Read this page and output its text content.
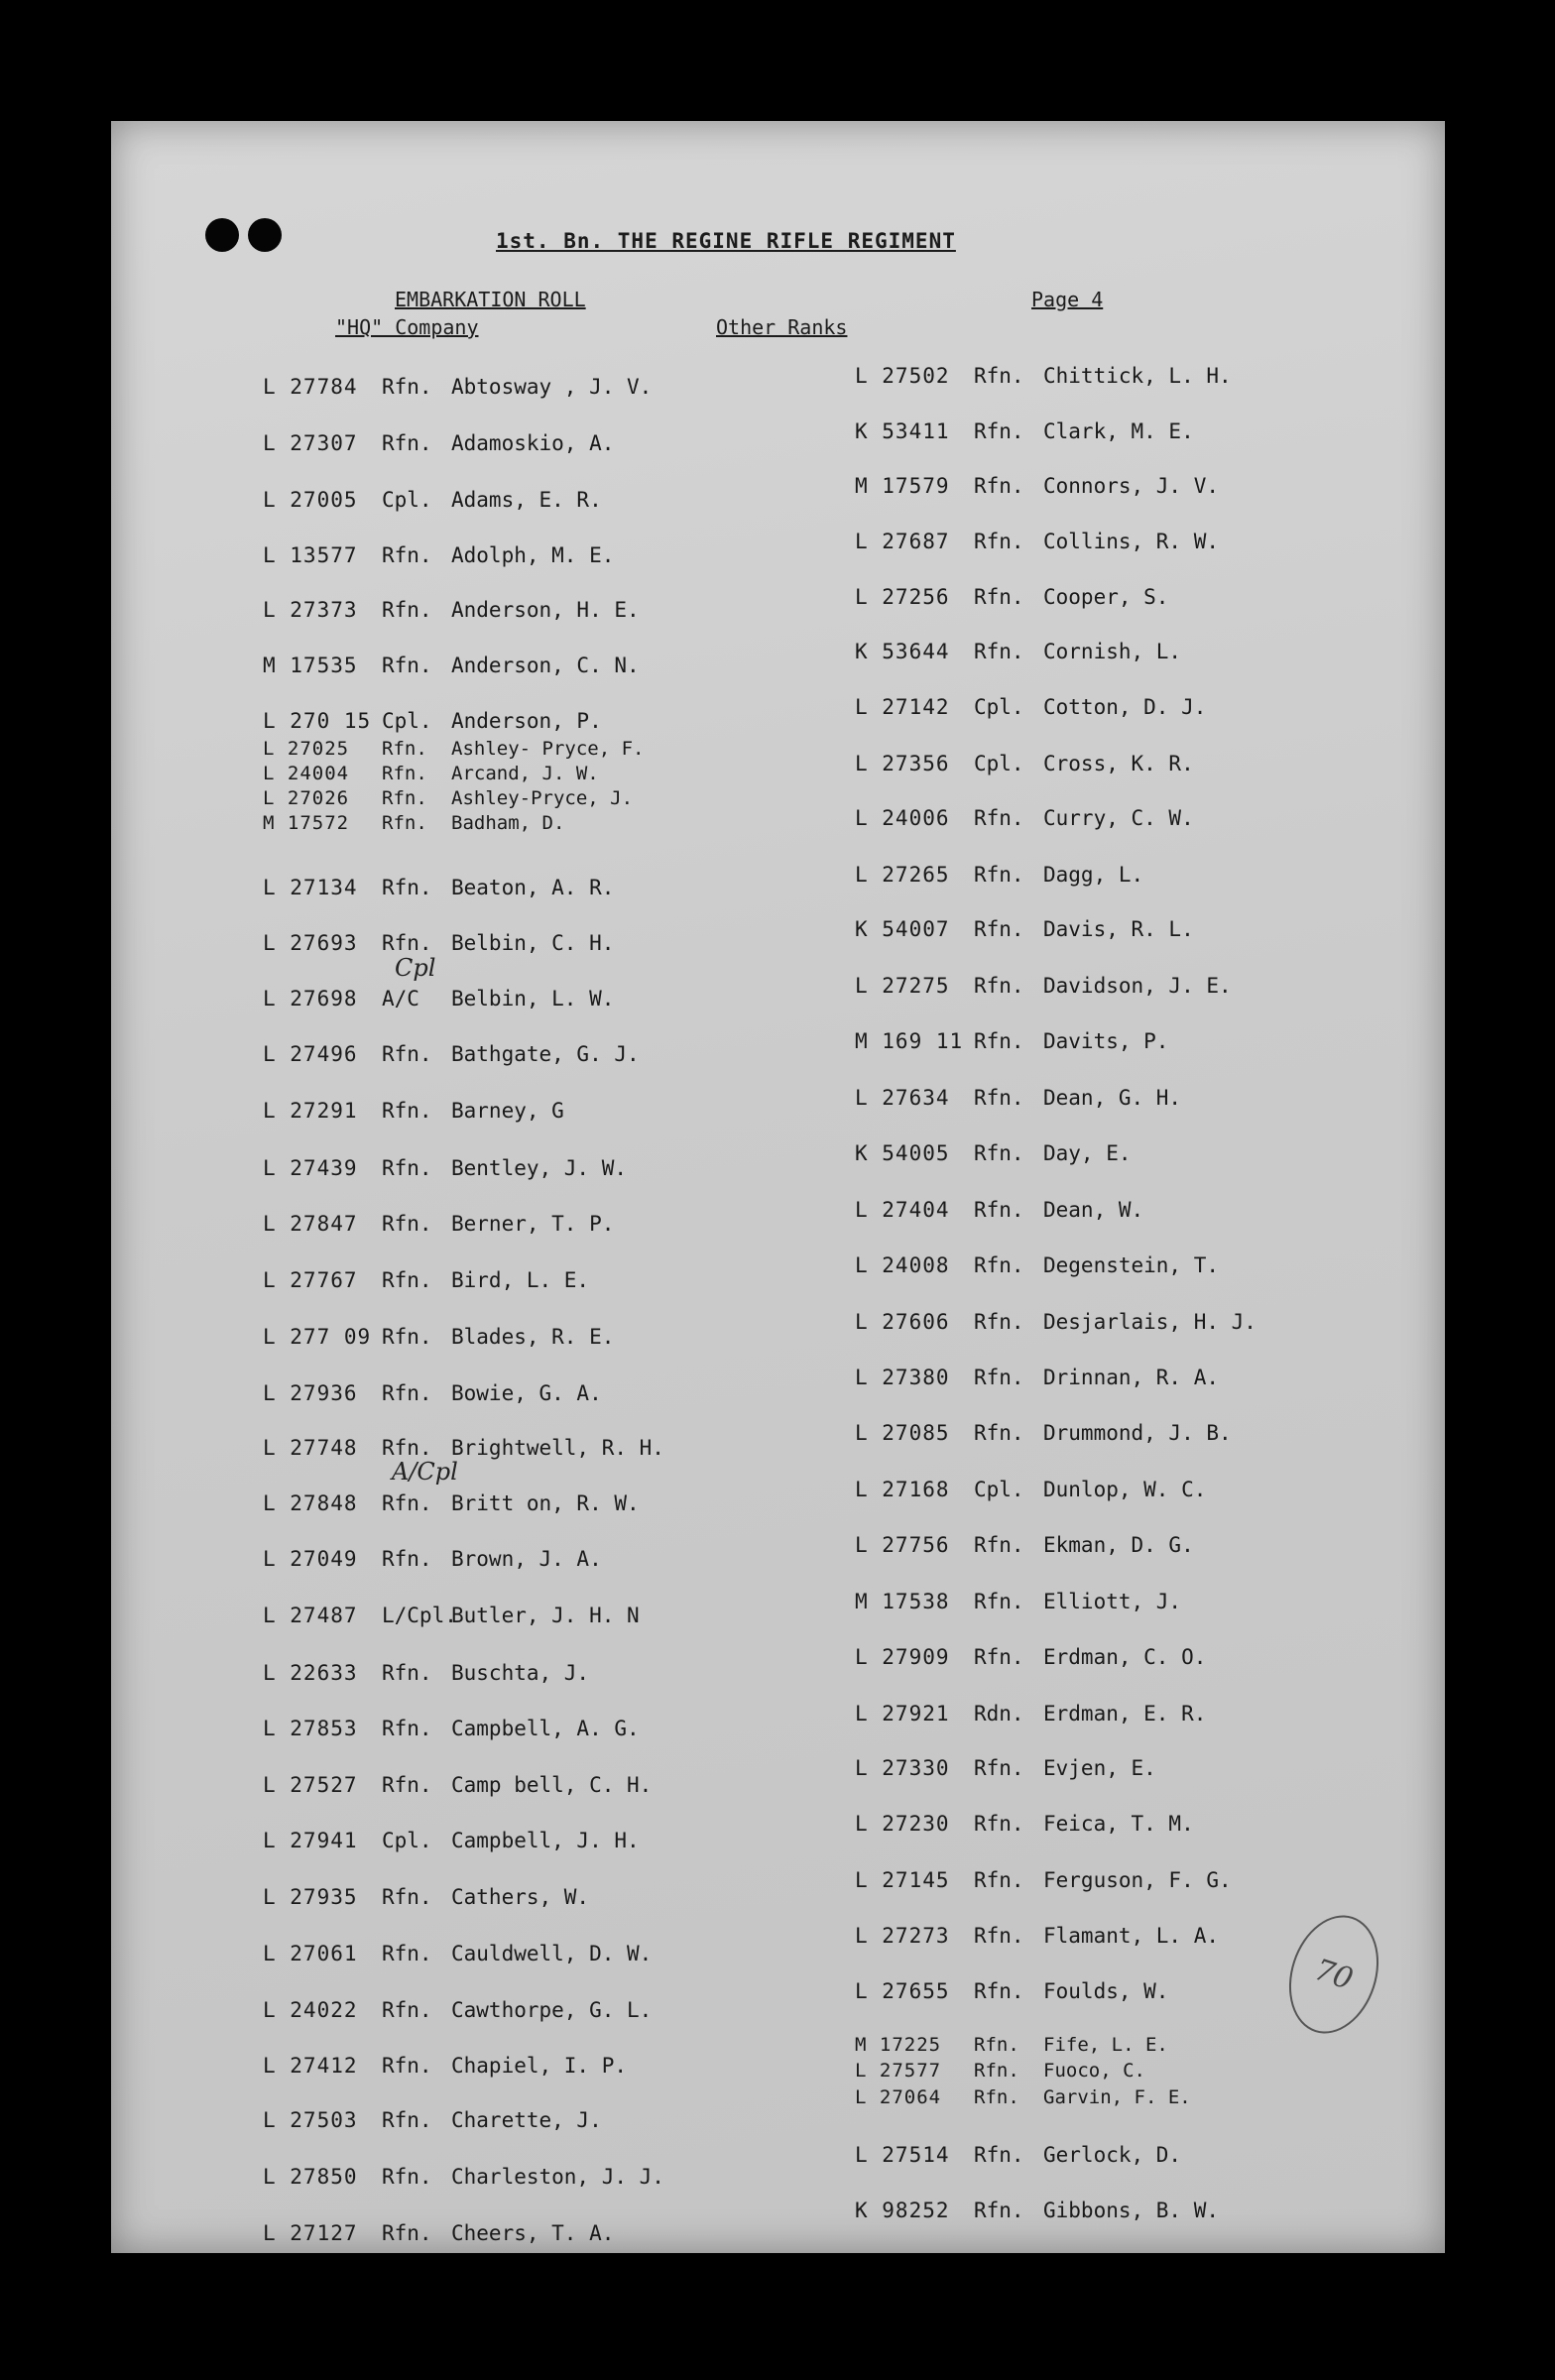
1st. Bn. THE REGINE RIFLE REGIMENT
EMBARKATION ROLL
"HQ" Company	Other Ranks
Page 4
L 27784 Rfn. Abtosway , J. V.
L 27307 Rfn. Adamoskio, A.
L 27005 Cpl. Adams, E. R.
L 13577 Rfn. Adolph, M. E.
L 27373 Rfn. Anderson, H. E.
M 17535 Rfn. Anderson, C. N.
L 270 15 Cpl. Anderson, P.
L 27025 Rfn. Ashley- Pryce, F.
L 24004 Rfn. Arcand, J. W.
L 27026 Rfn. Ashley-Pryce, J.
M 17572 Rfn. Badham, D.
L 27134 Rfn. Beaton, A. R.
L 27693 Rfn. Belbin, C. H.
L 27698 A/C Belbin, L. W.
L 27496 Rfn. Bathgate, G. J.
L 27291 Rfn. Barney, G
L 27439 Rfn. Bentley, J. W.
L 27847 Rfn. Berner, T. P.
L 27767 Rfn. Bird, L. E.
L 277 09 Rfn. Blades, R. E.
L 27936 Rfn. Bowie, G. A.
L 27748 Rfn. Brightwell, R. H.
L 27848 Rfn. Britt on, R. W.
L 27049 Rfn. Brown, J. A.
L 27487 L/Cpl.Butler, J. H. N
L 22633 Rfn. Buschta, J.
L 27853 Rfn. Campbell, A. G.
L 27527 Rfn. Camp bell, C. H.
L 27941 Cpl. Campbell, J. H.
L 27935 Rfn. Cathers, W.
L 27061 Rfn. Cauldwell, D. W.
L 24022 Rfn. Cawthorpe, G. L.
L 27412 Rfn. Chapiel, I. P.
L 27503 Rfn. Charette, J.
L 27850 Rfn. Charleston, J. J.
L 27127 Rfn. Cheers, T. A.
L 27502 Rfn. Chittick, L. H.
K 53411 Rfn. Clark, M. E.
M 17579 Rfn. Connors, J. V.
L 27687 Rfn. Collins, R. W.
L 27256 Rfn. Cooper, S.
K 53644 Rfn. Cornish, L.
L 27142 Cpl. Cotton, D. J.
L 27356 Cpl. Cross, K. R.
L 24006 Rfn. Curry, C. W.
L 27265 Rfn. Dagg, L.
K 54007 Rfn. Davis, R. L.
L 27275 Rfn. Davidson, J. E.
M 169 11 Rfn. Davits, P.
L 27634 Rfn. Dean, G. H.
K 54005 Rfn. Day, E.
L 27404 Rfn. Dean, W.
L 24008 Rfn. Degenstein, T.
L 27606 Rfn. Desjarlais, H. J.
L 27380 Rfn. Drinnan, R. A.
L 27085 Rfn. Drummond, J. B.
L 27168 Cpl. Dunlop, W. C.
L 27756 Rfn. Ekman, D. G.
M 17538 Rfn. Elliott, J.
L 27909 Rfn. Erdman, C. O.
L 27921 Rdn. Erdman, E. R.
L 27330 Rfn. Evjen, E.
L 27230 Rfn. Feica, T. M.
L 27145 Rfn. Ferguson, F. G.
L 27273 Rfn. Flamant, L. A.
L 27655 Rfn. Foulds, W.
M 17225 Rfn. Fife, L. E.
L 27577 Rfn. Fuoco, C.
L 27064 Rfn. Garvin, F. E.
L 27514 Rfn. Gerlock, D.
K 98252 Rfn. Gibbons, B. W.
Cpl
A/Cpl
70
